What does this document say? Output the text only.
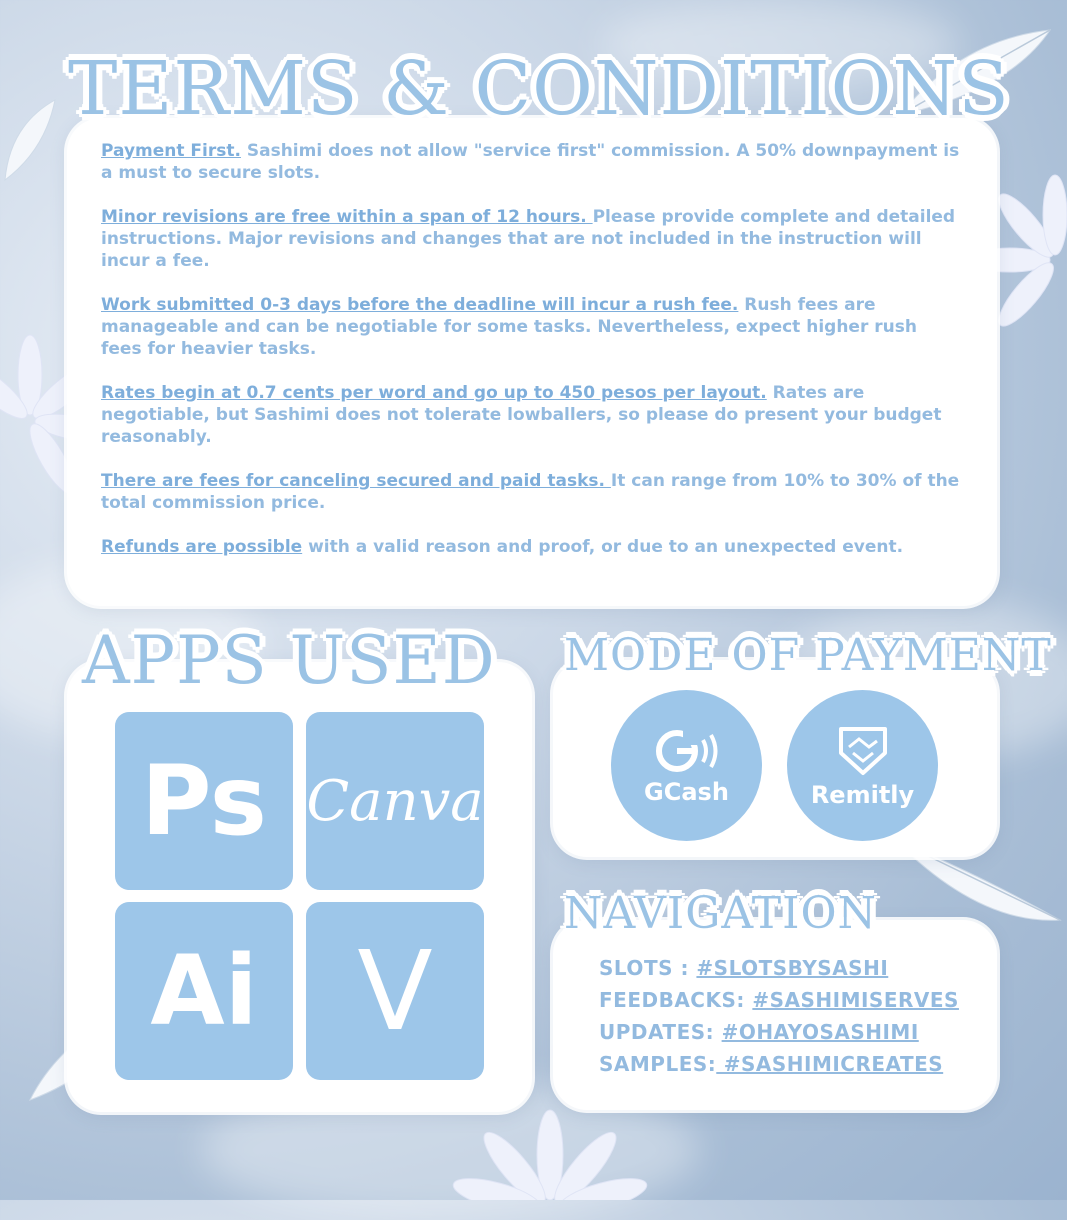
Payment First. Sashimi does not allow "service first" commission. A 50% downpayment is a must to secure slots.
Minor revisions are free within a span of 12 hours. Please provide complete and detailed instructions. Major revisions and changes that are not included in the instruction will incur a fee.
Work submitted 0-3 days before the deadline will incur a rush fee. Rush fees are manageable and can be negotiable for some tasks. Nevertheless, expect higher rush fees for heavier tasks.
Rates begin at 0.7 cents per word and go up to 450 pesos per layout. Rates are negotiable, but Sashimi does not tolerate lowballers, so please do present your budget reasonably.
There are fees for canceling secured and paid tasks. It can range from 10% to 30% of the total commission price.
Refunds are possible with a valid reason and proof, or due to an unexpected event.
TERMS & CONDITIONS
Ps Canva
Ai V
APPS USED
GCash	Remitly
MODE OF PAYMENT
SLOTS : #SLOTSBYSASHI
FEEDBACKS: #SASHIMISERVES
UPDATES: #OHAYOSASHIMI
SAMPLES: #SASHIMICREATES
NAVIGATION
